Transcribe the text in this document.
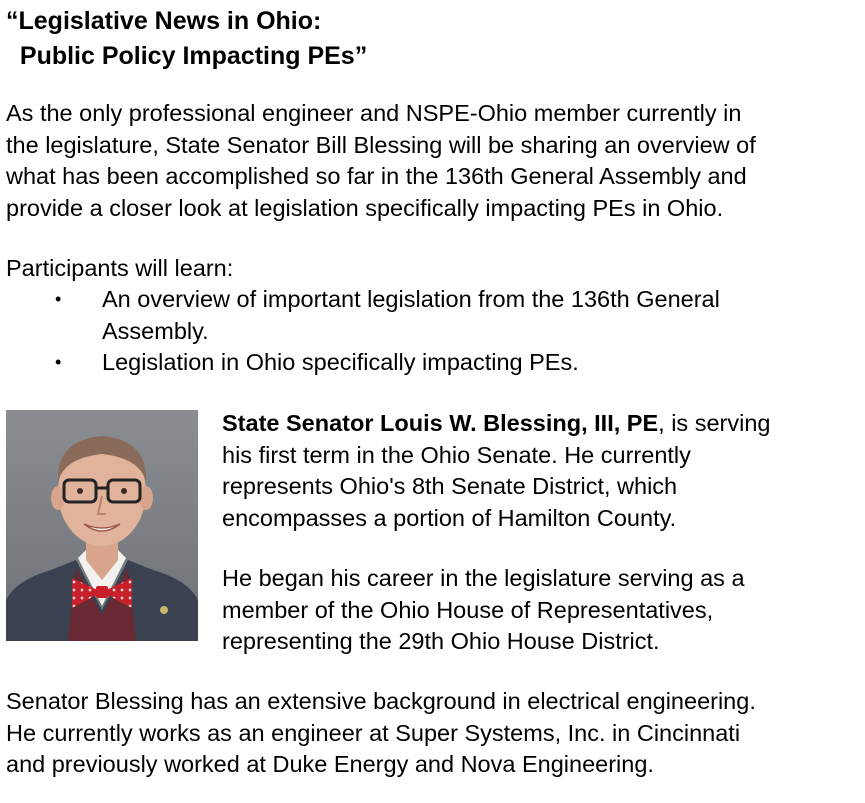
“Legislative News in Ohio:
Public Policy Impacting PEs”

As the only professional engineer and NSPE-Ohio member currently in
the legislature, State Senator Bill Blessing will be sharing an overview of
what has been accomplished so far in the 136th General Assembly and
provide a closer look at legislation specifically impacting PEs in Ohio.

Participants will learn:

• An overview of important legislation from the 136th General
Assembly.
• Legislation in Ohio specifically impacting PEs.

State Senator Louis W. Blessing, III, PE, is serving
his first term in the Ohio Senate. He currently
represents Ohio's 8th Senate District, which
encompasses a portion of Hamilton County.

He began his career in the legislature serving as a
member of the Ohio House of Representatives,
representing the 29th Ohio House District.

Senator Blessing has an extensive background in electrical engineering.
He currently works as an engineer at Super Systems, Inc. in Cincinnati
and previously worked at Duke Energy and Nova Engineering.
